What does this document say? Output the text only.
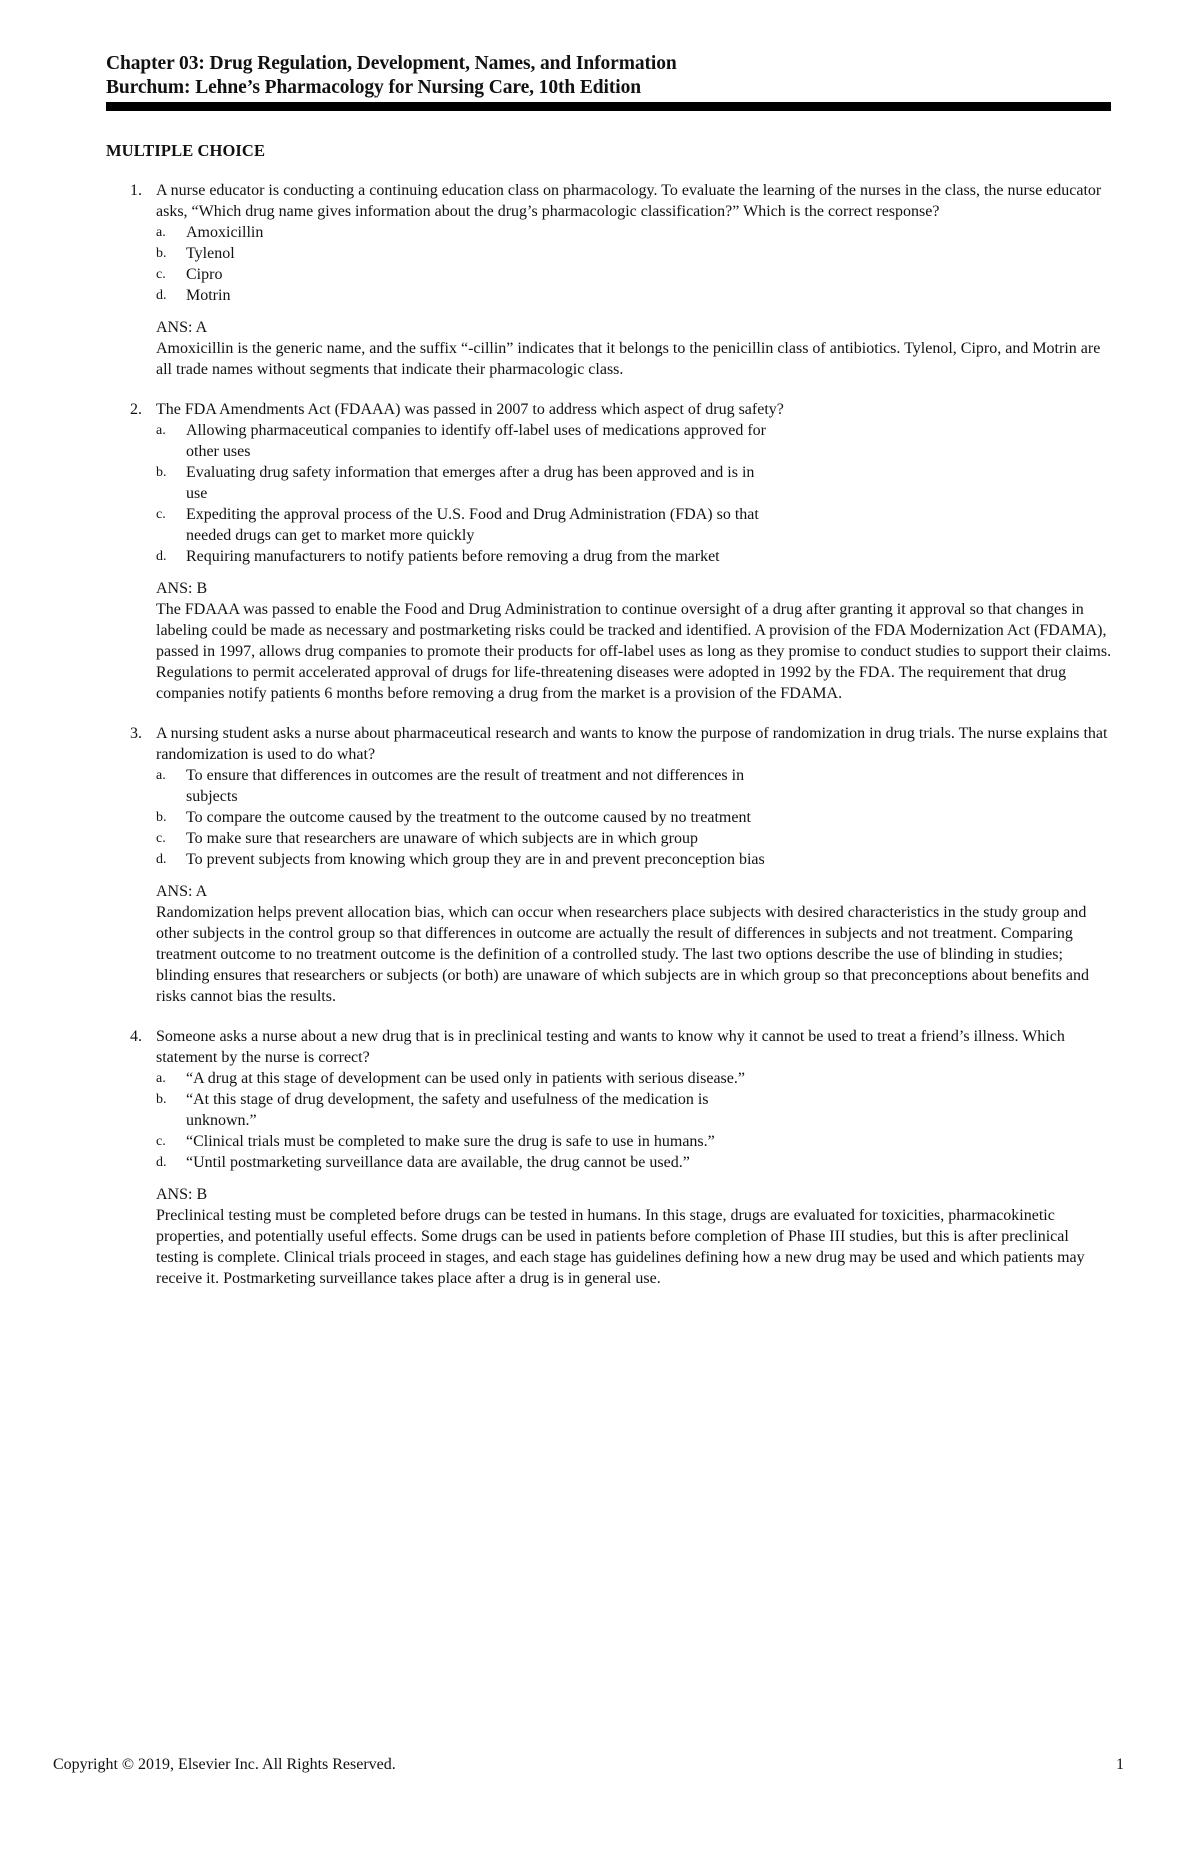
Chapter 03: Drug Regulation, Development, Names, and Information
Burchum: Lehne’s Pharmacology for Nursing Care, 10th Edition
MULTIPLE CHOICE
1. A nurse educator is conducting a continuing education class on pharmacology. To evaluate the learning of the nurses in the class, the nurse educator asks, “Which drug name gives information about the drug’s pharmacologic classification?” Which is the correct response?
a. Amoxicillin
b. Tylenol
c. Cipro
d. Motrin
ANS: A
Amoxicillin is the generic name, and the suffix “-cillin” indicates that it belongs to the penicillin class of antibiotics. Tylenol, Cipro, and Motrin are all trade names without segments that indicate their pharmacologic class.
2. The FDA Amendments Act (FDAAA) was passed in 2007 to address which aspect of drug safety?
a. Allowing pharmaceutical companies to identify off-label uses of medications approved for other uses
b. Evaluating drug safety information that emerges after a drug has been approved and is in use
c. Expediting the approval process of the U.S. Food and Drug Administration (FDA) so that needed drugs can get to market more quickly
d. Requiring manufacturers to notify patients before removing a drug from the market
ANS: B
The FDAAA was passed to enable the Food and Drug Administration to continue oversight of a drug after granting it approval so that changes in labeling could be made as necessary and postmarketing risks could be tracked and identified. A provision of the FDA Modernization Act (FDAMA), passed in 1997, allows drug companies to promote their products for off-label uses as long as they promise to conduct studies to support their claims. Regulations to permit accelerated approval of drugs for life-threatening diseases were adopted in 1992 by the FDA. The requirement that drug companies notify patients 6 months before removing a drug from the market is a provision of the FDAMA.
3. A nursing student asks a nurse about pharmaceutical research and wants to know the purpose of randomization in drug trials. The nurse explains that randomization is used to do what?
a. To ensure that differences in outcomes are the result of treatment and not differences in subjects
b. To compare the outcome caused by the treatment to the outcome caused by no treatment
c. To make sure that researchers are unaware of which subjects are in which group
d. To prevent subjects from knowing which group they are in and prevent preconception bias
ANS: A
Randomization helps prevent allocation bias, which can occur when researchers place subjects with desired characteristics in the study group and other subjects in the control group so that differences in outcome are actually the result of differences in subjects and not treatment. Comparing treatment outcome to no treatment outcome is the definition of a controlled study. The last two options describe the use of blinding in studies; blinding ensures that researchers or subjects (or both) are unaware of which subjects are in which group so that preconceptions about benefits and risks cannot bias the results.
4. Someone asks a nurse about a new drug that is in preclinical testing and wants to know why it cannot be used to treat a friend’s illness. Which statement by the nurse is correct?
a. “A drug at this stage of development can be used only in patients with serious disease.”
b. “At this stage of drug development, the safety and usefulness of the medication is unknown.”
c. “Clinical trials must be completed to make sure the drug is safe to use in humans.”
d. “Until postmarketing surveillance data are available, the drug cannot be used.”
ANS: B
Preclinical testing must be completed before drugs can be tested in humans. In this stage, drugs are evaluated for toxicities, pharmacokinetic properties, and potentially useful effects. Some drugs can be used in patients before completion of Phase III studies, but this is after preclinical testing is complete. Clinical trials proceed in stages, and each stage has guidelines defining how a new drug may be used and which patients may receive it. Postmarketing surveillance takes place after a drug is in general use.
Copyright © 2019, Elsevier Inc. All Rights Reserved.	1
